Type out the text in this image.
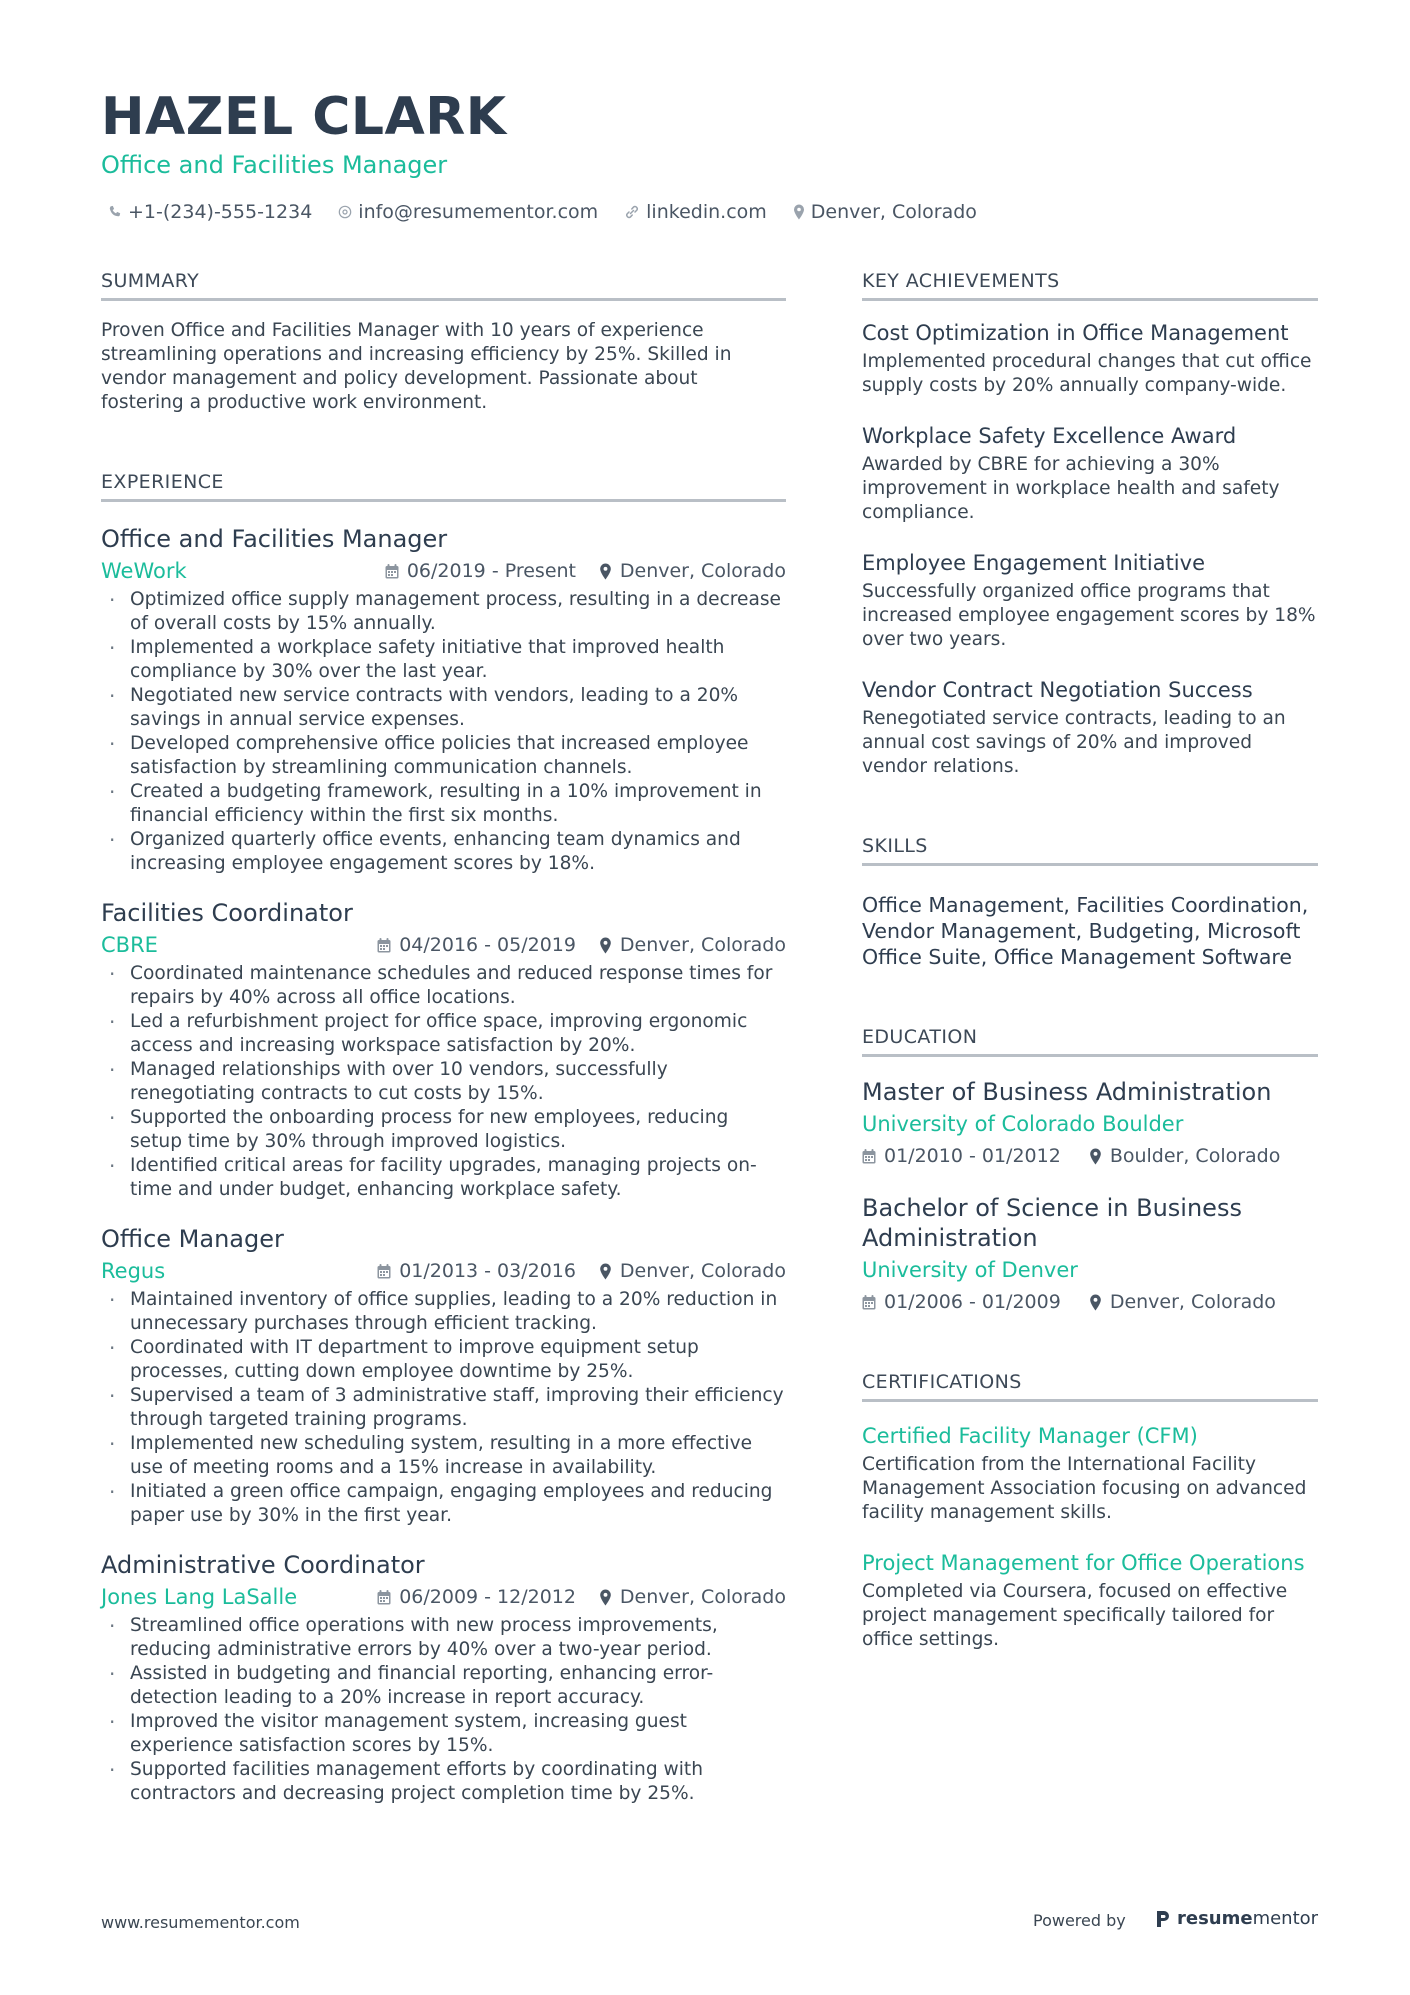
HAZEL CLARK
Office and Facilities Manager
+1-(234)-555-1234 info@resumementor.com	linkedin.com Denver, Colorado
SUMMARY

Proven Office and Facilities Manager with 10 years of experience streamlining operations and increasing efficiency by 25%. Skilled in vendor management and policy development. Passionate about fostering a productive work environment.

EXPERIENCE
Office and Facilities Manager
WeWork	06/2019 - Present Denver, Colorado
· Optimized office supply management process, resulting in a decrease of overall costs by 15% annually.
· Implemented a workplace safety initiative that improved health compliance by 30% over the last year.
· Negotiated new service contracts with vendors, leading to a 20% savings in annual service expenses.
· Developed comprehensive office policies that increased employee satisfaction by streamlining communication channels.
· Created a budgeting framework, resulting in a 10% improvement in financial efficiency within the first six months.
· Organized quarterly office events, enhancing team dynamics and increasing employee engagement scores by 18%.
Facilities Coordinator
CBRE	04/2016 - 05/2019 Denver, Colorado
· Coordinated maintenance schedules and reduced response times for repairs by 40% across all office locations.
· Led a refurbishment project for office space, improving ergonomic access and increasing workspace satisfaction by 20%.
· Managed relationships with over 10 vendors, successfully renegotiating contracts to cut costs by 15%.
· Supported the onboarding process for new employees, reducing setup time by 30% through improved logistics.
· Identified critical areas for facility upgrades, managing projects on-time and under budget, enhancing workplace safety.
Office Manager
Regus	01/2013 - 03/2016 Denver, Colorado
· Maintained inventory of office supplies, leading to a 20% reduction in unnecessary purchases through efficient tracking.
· Coordinated with IT department to improve equipment setup processes, cutting down employee downtime by 25%.
· Supervised a team of 3 administrative staff, improving their efficiency through targeted training programs.
· Implemented new scheduling system, resulting in a more effective use of meeting rooms and a 15% increase in availability.
· Initiated a green office campaign, engaging employees and reducing paper use by 30% in the first year.
Administrative Coordinator
Jones Lang LaSalle	06/2009 - 12/2012 Denver, Colorado
· Streamlined office operations with new process improvements, reducing administrative errors by 40% over a two-year period.
· Assisted in budgeting and financial reporting, enhancing error-detection leading to a 20% increase in report accuracy.
· Improved the visitor management system, increasing guest experience satisfaction scores by 15%.
· Supported facilities management efforts by coordinating with contractors and decreasing project completion time by 25%.
KEY ACHIEVEMENTS
Cost Optimization in Office Management

Implemented procedural changes that cut office supply costs by 20% annually company-wide.

Workplace Safety Excellence Award

Awarded by CBRE for achieving a 30% improvement in workplace health and safety compliance.

Employee Engagement Initiative

Successfully organized office programs that increased employee engagement scores by 18% over two years.

Vendor Contract Negotiation Success

Renegotiated service contracts, leading to an annual cost savings of 20% and improved vendor relations.

SKILLS

Office Management, Facilities Coordination, Vendor Management, Budgeting, Microsoft Office Suite, Office Management Software

EDUCATION
Master of Business Administration
University of Colorado Boulder
01/2010 - 01/2012	Boulder, Colorado
Bachelor of Science in Business Administration
University of Denver
01/2006 - 01/2009	Denver, Colorado
CERTIFICATIONS
Certified Facility Manager (CFM)

Certification from the International Facility Management Association focusing on advanced facility management skills.

Project Management for Office Operations

Completed via Coursera, focused on effective project management specifically tailored for office settings.

www.resumementor.com	Powered by	resume mentor
